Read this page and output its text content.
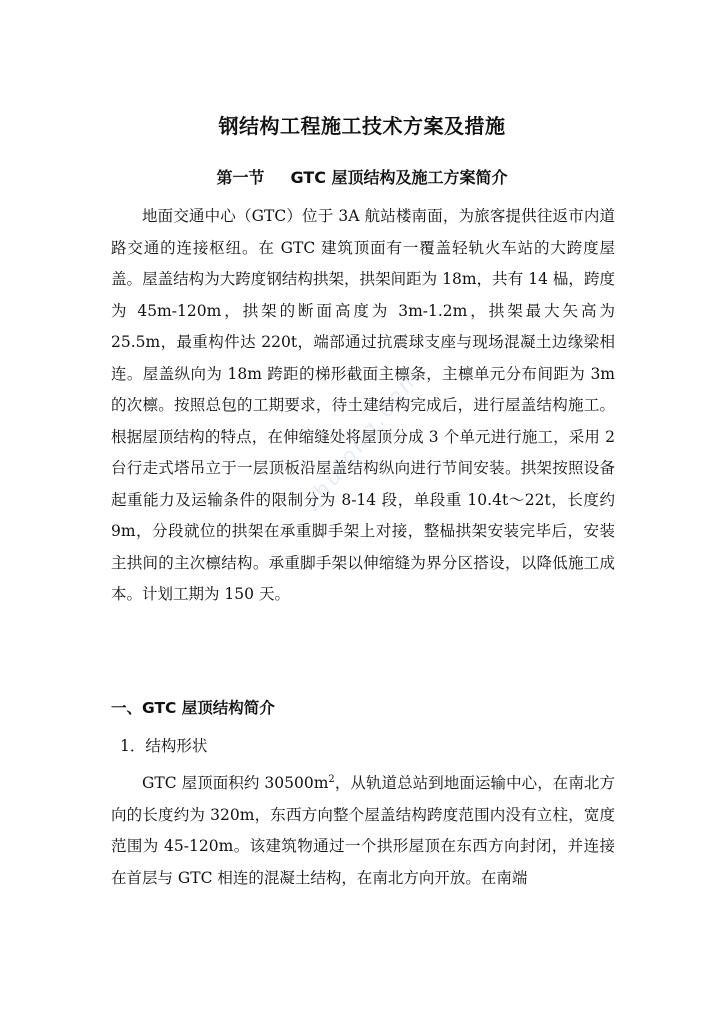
zhulong.com
钢结构工程施工技术方案及措施
第一节 GTC 屋顶结构及施工方案简介

地面交通中心（GTC）位于 3A 航站楼南面，为旅客提供往返市内道路交通的连接枢纽。在 GTC 建筑顶面有一覆盖轻轨火车站的大跨度屋盖。屋盖结构为大跨度钢结构拱架，拱架间距为 18m，共有 14 榀，跨度为 45m-120m，拱架的断面高度为 3m-1.2m，拱架最大矢高为 25.5m，最重构件达 220t，端部通过抗震球支座与现场混凝土边缘梁相连。屋盖纵向为 18m 跨距的梯形截面主檩条，主檩单元分布间距为 3m 的次檩。按照总包的工期要求，待土建结构完成后，进行屋盖结构施工。根据屋顶结构的特点，在伸缩缝处将屋顶分成 3 个单元进行施工，采用 2 台行走式塔吊立于一层顶板沿屋盖结构纵向进行节间安装。拱架按照设备起重能力及运输条件的限制分为 8-14 段，单段重 10.4t～22t，长度约 9m，分段就位的拱架在承重脚手架上对接，整榀拱架安装完毕后，安装主拱间的主次檩结构。承重脚手架以伸缩缝为界分区搭设，以降低施工成本。计划工期为 150 天。

一、GTC 屋顶结构简介
1．结构形状

GTC 屋顶面积约 $30500m^2$，从轨道总站到地面运输中心，在南北方向的长度约为 320m，东西方向整个屋盖结构跨度范围内没有立柱，宽度范围为 45-120m。该建筑物通过一个拱形屋顶在东西方向封闭，并连接在首层与 GTC 相连的混凝土结构，在南北方向开放。在南端
